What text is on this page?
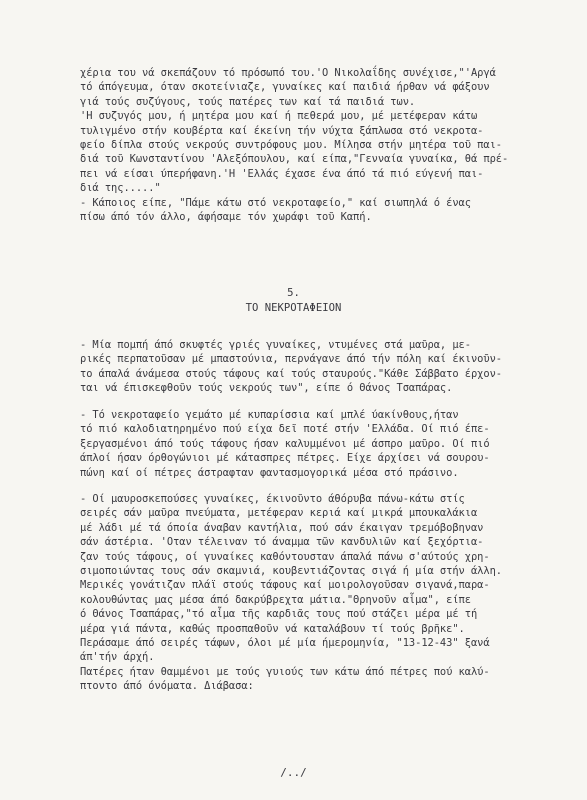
χέρια του νά σκεπάζουν τό πρόσωπό του.'Ο Νικολαΐδης συνέχισε,"'Αργά
τό άπόγευμα, όταν σκοτείνιαζε, γυναίκες καί παιδιά ήρθαν νά φάξουν
γιά τούς συζύγους, τούς πατέρες των καί τά παιδιά των.
'Η συζυγός μου, ή μητέρα μου καί ή πεθερά μου, μέ μετέφεραν κάτω
τυλιγμένο στήν κουβέρτα καί έκείνη τήν νύχτα ξάπλωσα στό νεκροτα-
φείο δίπλα στούς νεκρούς συντρόφους μου. Μίλησα στήν μητέρα τοῦ παι-
διά τοῦ Κωνσταντίνου 'Αλεξόπουλου, καί είπα,"Γενναία γυναίκα, θά πρέ-
πει νά είσαι ύπερήφανη.'Η 'Ελλάς έχασε ένα άπό τά πιό εύγενή παι-
διά της....."
- Κάποιος είπε, "Πάμε κάτω στό νεκροταφείο," καί σιωπηλά ό ένας
πίσω άπό τόν άλλο, άφήσαμε τόν χωράφι τοῦ Καπή.
5.
ΤΟ ΝΕΚΡΟΤΑΦΕΙΟΝ
- Μία πομπή άπό σκυφτές γριές γυναίκες, ντυμένες στά μαῦρα, με-
ρικές περπατοῦσαν μέ μπαστούνια, περνάγανε άπό τήν πόλη καί έκινοῦν-
το άπαλά άνάμεσα στούς τάφους καί τούς σταυρούς."Κάθε Σάββατο έρχον-
ται νά έπισκεφθοῦν τούς νεκρούς των", είπε ό Θάνος Τσαπάρας.
- Τό νεκροταφείο γεμάτο μέ κυπαρίσσια καί μπλέ ύακίνθους,ήταν
τό πιό καλοδιατηρημένο πού είχα δεῖ ποτέ στήν 'Ελλάδα. Οί πιό έπε-
ξεργασμένοι άπό τούς τάφους ήσαν καλυμμένοι μέ άσπρο μαῦρο. Οί πιό
άπλοί ήσαν όρθογώνιοι μέ κάτασπρες πέτρες. Είχε άρχίσει νά σουρου-
πώνη καί οί πέτρες άστραφταν φαντασμογορικά μέσα στό πράσινο.
- Οί μαυροσκεπούσες γυναίκες, έκινοῦντο άθόρυβα πάνω-κάτω στίς
σειρές σάν μαῦρα πνεύματα, μετέφεραν κεριά καί μικρά μπουκαλάκια
μέ λάδι μέ τά όποία άναβαν καντήλια, πού σάν έκαιγαν τρεμόβοβηναν
σάν άστέρια. 'Οταν τέλειναν τό άναμμα τῶν κανδυλιῶν καί ξεχόρτια-
ζαν τούς τάφους, οί γυναίκες καθόντουσταν άπαλά πάνω σ'αύτούς χρη-
σιμοποιώντας τους σάν σκαμνιά, κουβεντιάζοντας σιγά ή μία στήν άλλη.
Μερικές γονάτιζαν πλάϊ στούς τάφους καί μοιρολογοῦσαν σιγανά,παρα-
κολουθώντας μας μέσα άπό δακρύβρεχτα μάτια."Θρηνοῦν αἷμα", είπε
ό Θάνος Τσαπάρας,"τό αἷμα τῆς καρδιᾶς τους πού στάζει μέρα μέ τή
μέρα γιά πάντα, καθώς προσπαθοῦν νά καταλάβουν τί τούς βρῆκε".
Περάσαμε άπό σειρές τάφων, όλοι μέ μία ήμερομηνία, "13-12-43" ξανά
άπ'τήν άρχή.
Πατέρες ήταν θαμμένοι με τούς γυιούς των κάτω άπό πέτρες πού καλύ-
πτοντο άπό όνόματα. Διάβασα:
/../
